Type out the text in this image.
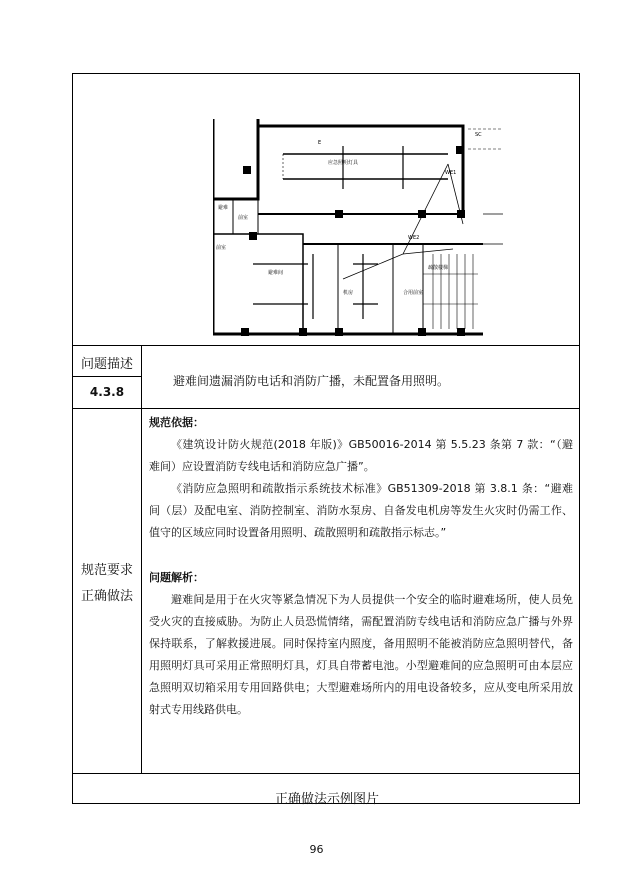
应急照明灯具
避难
前室
避难间
前室
机房	合用前室
疏散楼梯
SC
WE1
WE2
E
问题描述
4.3.8
避难间遗漏消防电话和消防广播，未配置备用照明。
规范要求
正确做法
规范依据：
《建筑设计防火规范(2018 年版)》GB50016-2014 第 5.5.23 条第 7 款：“（避难间）应设置消防专线电话和消防应急广播”。
《消防应急照明和疏散指示系统技术标准》GB51309-2018 第 3.8.1 条：“避难间（层）及配电室、消防控制室、消防水泵房、自备发电机房等发生火灾时仍需工作、值守的区域应同时设置备用照明、疏散照明和疏散指示标志。”
问题解析：
避难间是用于在火灾等紧急情况下为人员提供一个安全的临时避难场所，使人员免受火灾的直接威胁。为防止人员恐慌情绪，需配置消防专线电话和消防应急广播与外界保持联系，了解救援进展。同时保持室内照度，备用照明不能被消防应急照明替代，备用照明灯具可采用正常照明灯具，灯具自带蓄电池。小型避难间的应急照明可由本层应急照明双切箱采用专用回路供电；大型避难场所内的用电设备较多，应从变电所采用放射式专用线路供电。
正确做法示例图片
96
